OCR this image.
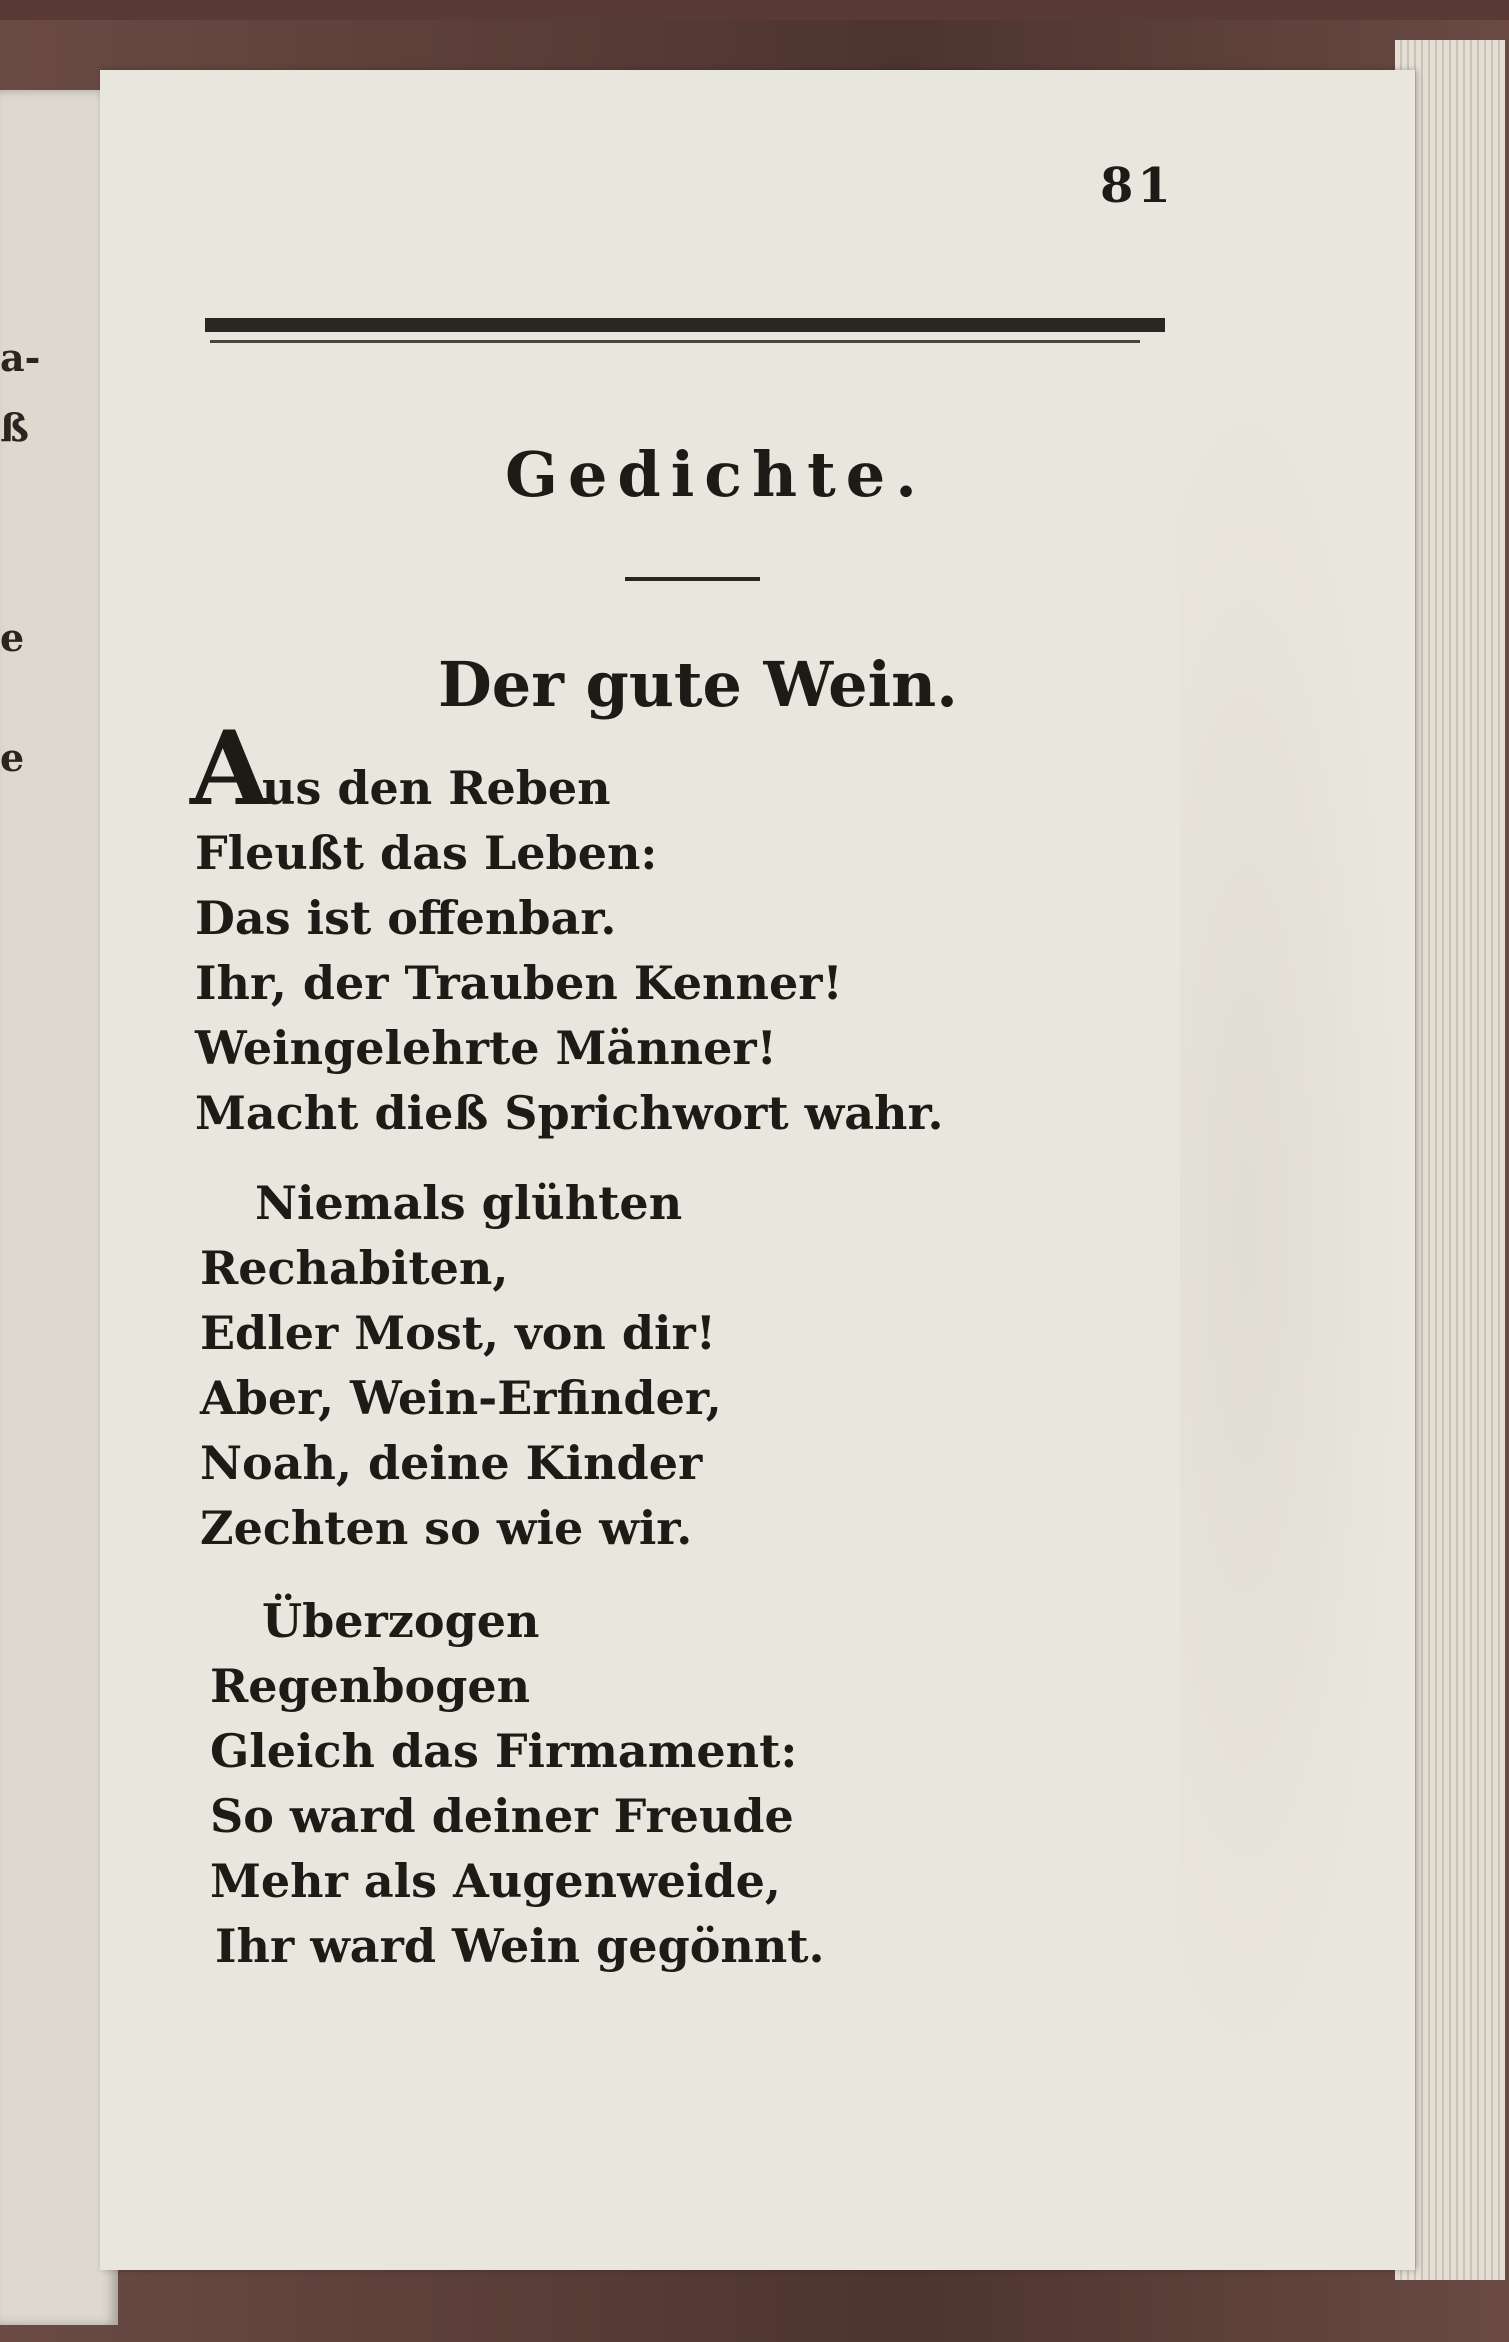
a-
ß
e
e
81
Gedichte.
Der gute Wein.
A
us den Reben
Fleußt das Leben:
Das ist offenbar.
Ihr, der Trauben Kenner!
Weingelehrte Männer!
Macht dieß Sprichwort wahr.
Niemals glühten
Rechabiten,
Edler Most, von dir!
Aber, Wein-Erfinder,
Noah, deine Kinder
Zechten so wie wir.
Überzogen
Regenbogen
Gleich das Firmament:
So ward deiner Freude
Mehr als Augenweide,
Ihr ward Wein gegönnt.
